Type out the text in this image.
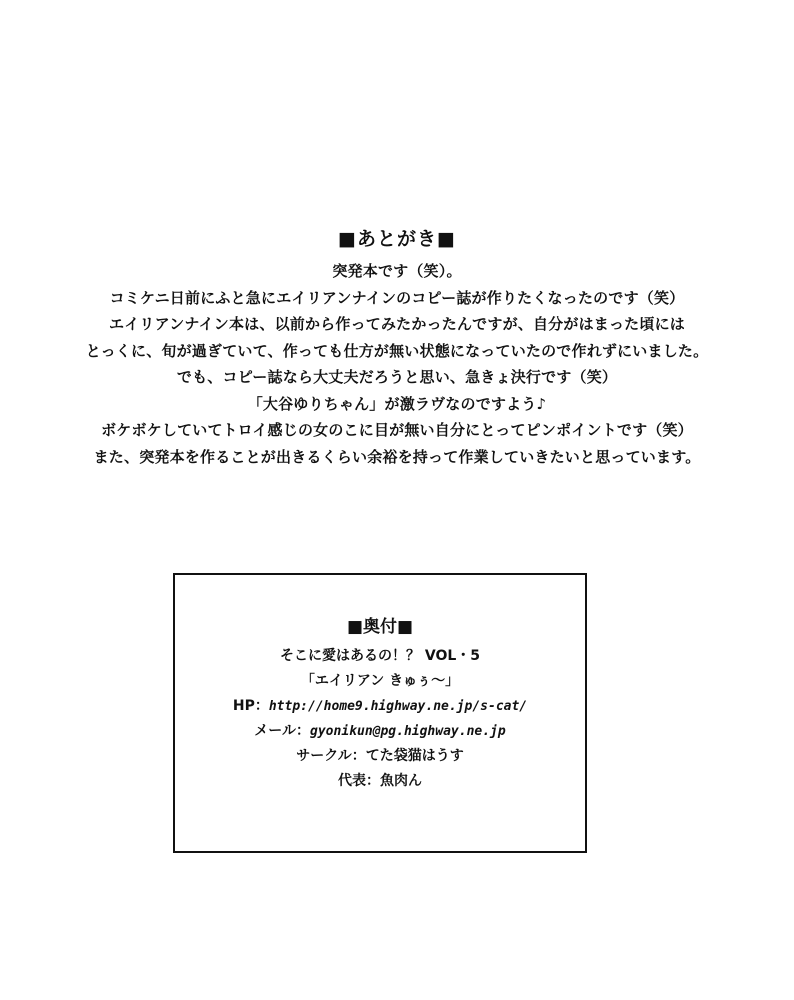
■あとがき■
突発本です（笑）。
コミケニ日前にふと急にエイリアンナインのコピー誌が作りたくなったのです（笑）
エイリアンナイン本は、以前から作ってみたかったんですが、自分がはまった頃には
とっくに、旬が過ぎていて、作っても仕方が無い状態になっていたので作れずにいました。
でも、コピー誌なら大丈夫だろうと思い、急きょ決行です（笑）
「大谷ゆりちゃん」が激ラヴなのですよう♪
ボケボケしていてトロイ感じの女のこに目が無い自分にとってピンポイントです（笑）
また、突発本を作ることが出きるくらい余裕を持って作業していきたいと思っています。
■奥付■
そこに愛はあるの！？ VOL・5
「エイリアン きゅぅ～」
HP：http://home9.highway.ne.jp/s-cat/
メール：gyonikun@pg.highway.ne.jp
サークル：てた袋猫はうす
代表：魚肉ん
